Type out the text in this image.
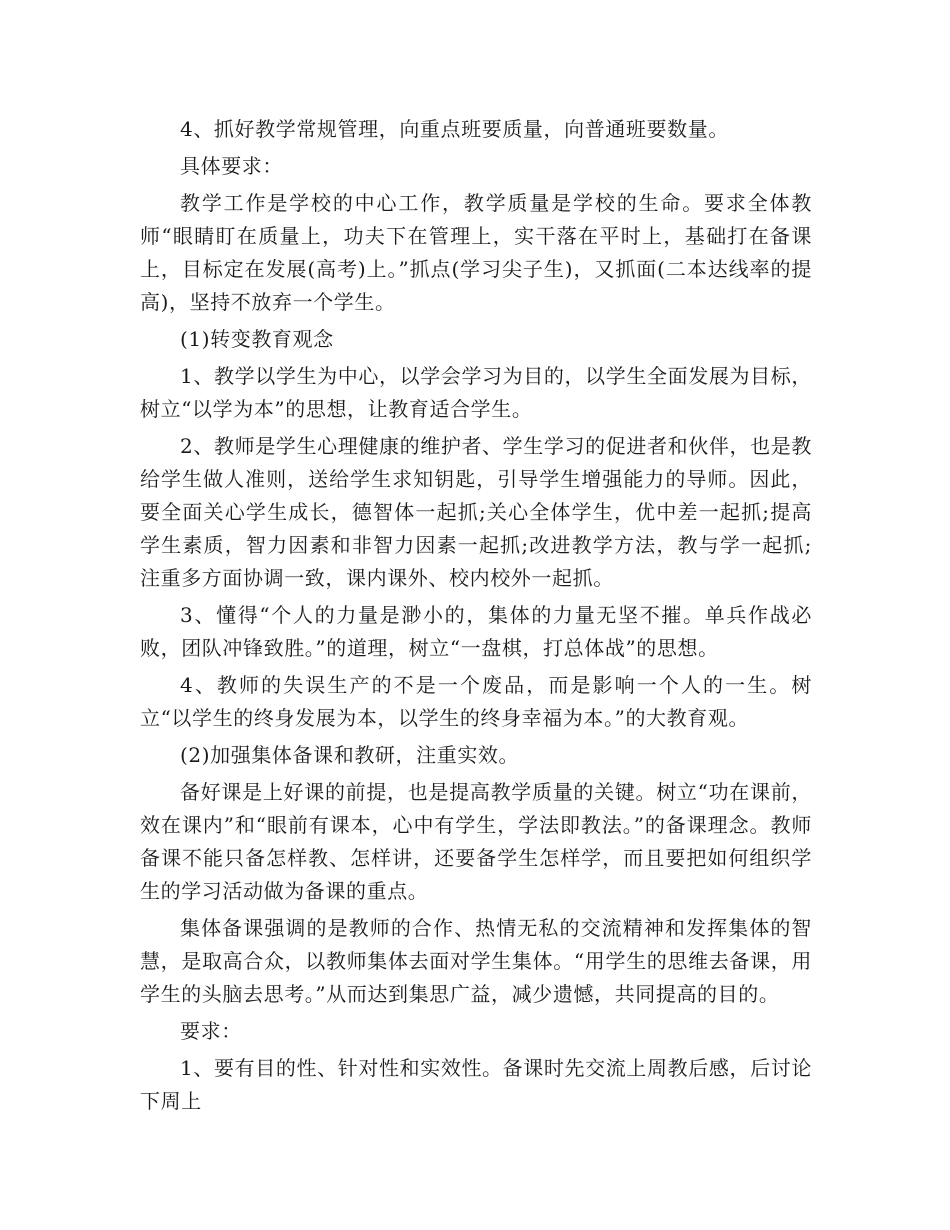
4、抓好教学常规管理，向重点班要质量，向普通班要数量。

具体要求：

教学工作是学校的中心工作，教学质量是学校的生命。要求全体教师“眼睛盯在质量上，功夫下在管理上，实干落在平时上，基础打在备课上，目标定在发展(高考)上。”抓点(学习尖子生)，又抓面(二本达线率的提高)，坚持不放弃一个学生。

(1)转变教育观念

1、教学以学生为中心，以学会学习为目的，以学生全面发展为目标，树立“以学为本”的思想，让教育适合学生。

2、教师是学生心理健康的维护者、学生学习的促进者和伙伴，也是教给学生做人准则，送给学生求知钥匙，引导学生增强能力的导师。因此，要全面关心学生成长，德智体一起抓;关心全体学生，优中差一起抓;提高学生素质，智力因素和非智力因素一起抓;改进教学方法，教与学一起抓;注重多方面协调一致，课内课外、校内校外一起抓。

3、懂得“个人的力量是渺小的，集体的力量无坚不摧。单兵作战必败，团队冲锋致胜。”的道理，树立“一盘棋，打总体战”的思想。

4、教师的失误生产的不是一个废品，而是影响一个人的一生。树立“以学生的终身发展为本，以学生的终身幸福为本。”的大教育观。

(2)加强集体备课和教研，注重实效。

备好课是上好课的前提，也是提高教学质量的关键。树立“功在课前，效在课内”和“眼前有课本，心中有学生，学法即教法。”的备课理念。教师备课不能只备怎样教、怎样讲，还要备学生怎样学，而且要把如何组织学生的学习活动做为备课的重点。

集体备课强调的是教师的合作、热情无私的交流精神和发挥集体的智慧，是取高合众，以教师集体去面对学生集体。“用学生的思维去备课，用学生的头脑去思考。”从而达到集思广益，减少遗憾，共同提高的目的。

要求：

1、要有目的性、针对性和实效性。备课时先交流上周教后感，后讨论下周上
